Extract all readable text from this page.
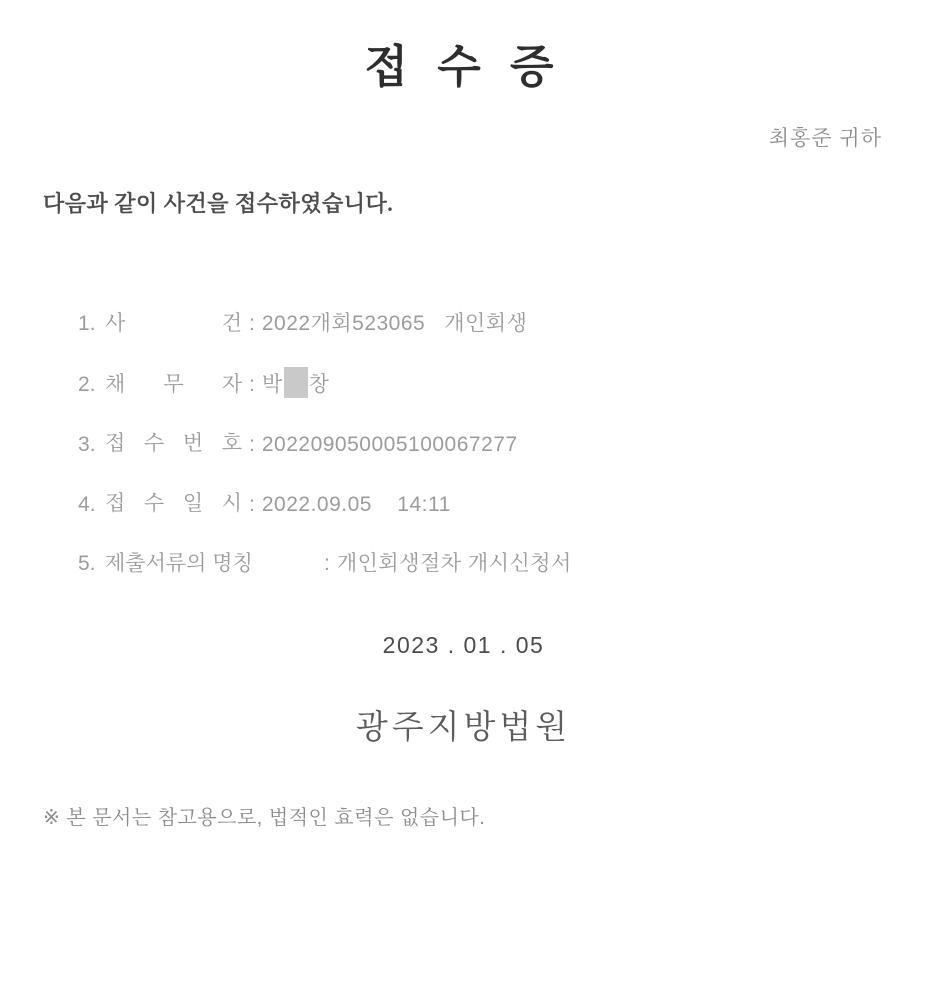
접 수 증
최홍준 귀하
다음과 같이 사건을 접수하였습니다.

1. 사 건 : 2022개회523065   개인회생

2. 채 무 자 : 박 창

3. 접 수 번 호 : 202209050005100067277

4. 접 수 일 시 : 2022.09.05    14:11

5. 제출서류의 명칭	: 개인회생절차 개시신청서

2023 . 01 . 05
광주지방법원
※ 본 문서는 참고용으로, 법적인 효력은 없습니다.
